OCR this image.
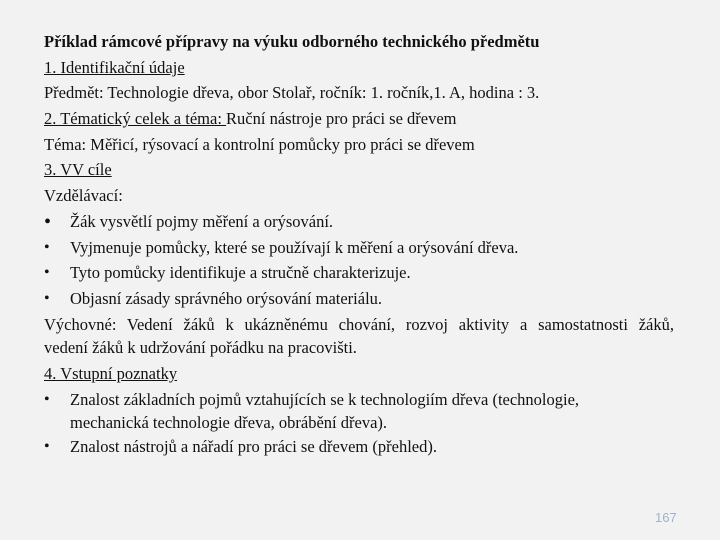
Příklad rámcové přípravy na výuku odborného technického předmětu
1. Identifikační údaje
Předmět: Technologie dřeva, obor Stolař, ročník: 1. ročník,1. A, hodina : 3.
2. Tématický celek a téma: Ruční nástroje pro práci se dřevem
Téma: Měřicí, rýsovací a kontrolní pomůcky pro práci se dřevem
3. VV cíle
Vzdělávací:
• Žák vysvětlí pojmy měření a orýsování.
• Vyjmenuje pomůcky, které se používají k měření a orýsování dřeva.
• Tyto pomůcky identifikuje a stručně charakterizuje.
• Objasní zásady správného orýsování materiálu.
Výchovné: Vedení žáků k ukázněnému chování, rozvoj aktivity a samostatnosti žáků,
vedení žáků k udržování pořádku na pracovišti.
4. Vstupní poznatky
• Znalost základních pojmů vztahujících se k technologiím dřeva (technologie,
mechanická technologie dřeva, obrábění dřeva).
• Znalost nástrojů a nářadí pro práci se dřevem (přehled).
167
